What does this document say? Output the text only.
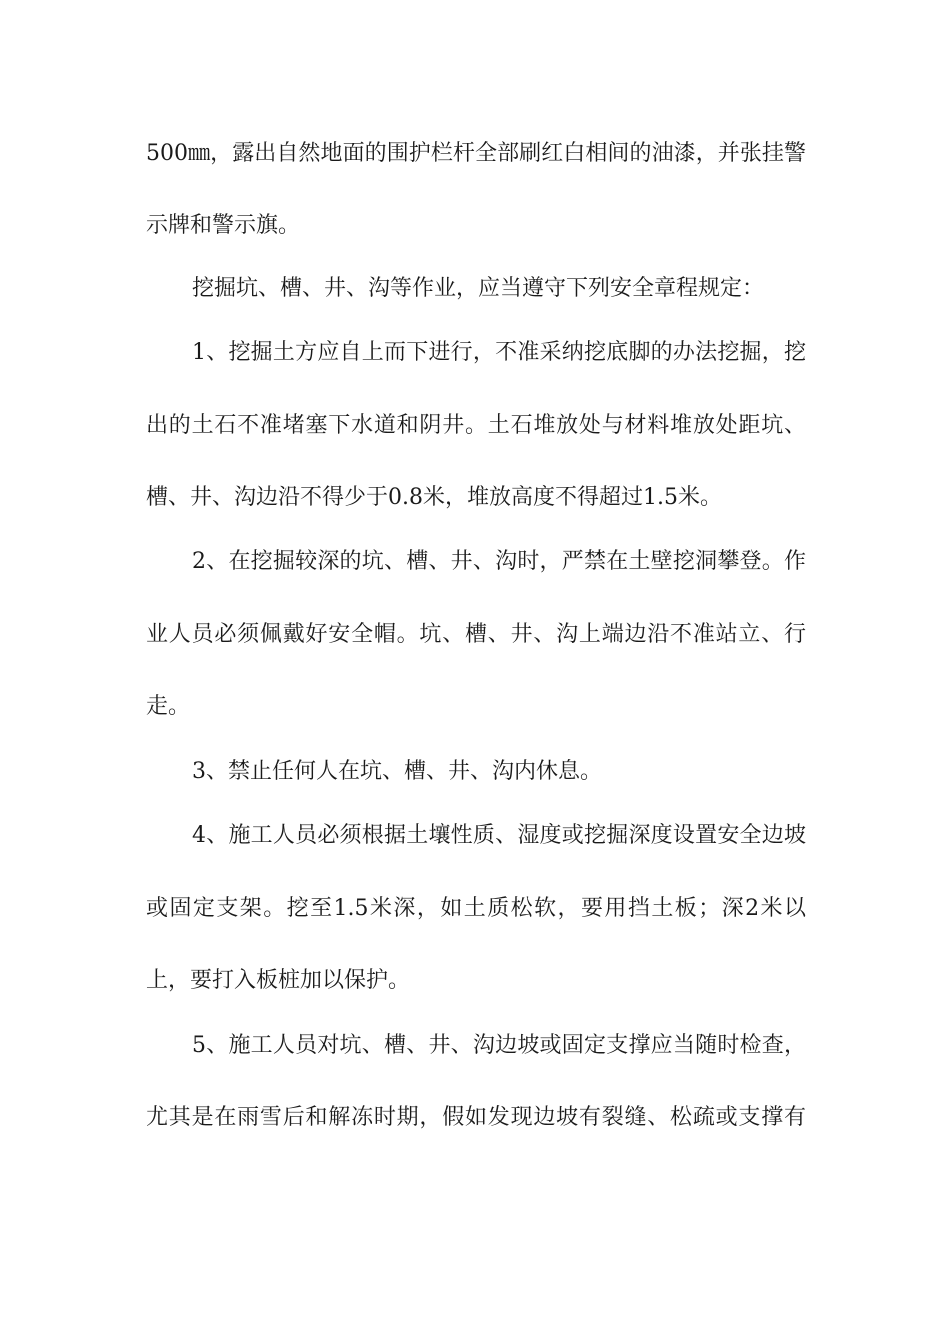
500㎜，露出自然地面的围护栏杆全部刷红白相间的油漆，并张挂警
示牌和警示旗。
挖掘坑、槽、井、沟等作业，应当遵守下列安全章程规定：
1、挖掘土方应自上而下进行，不准采纳挖底脚的办法挖掘，挖
出的土石不准堵塞下水道和阴井。土石堆放处与材料堆放处距坑、
槽、井、沟边沿不得少于0.8米，堆放高度不得超过1.5米。
2、在挖掘较深的坑、槽、井、沟时，严禁在土壁挖洞攀登。作
业人员必须佩戴好安全帽。坑、槽、井、沟上端边沿不准站立、行
走。
3、禁止任何人在坑、槽、井、沟内休息。
4、施工人员必须根据土壤性质、湿度或挖掘深度设置安全边坡
或固定支架。挖至1.5米深，如土质松软，要用挡土板；深2米以
上，要打入板桩加以保护。
5、施工人员对坑、槽、井、沟边坡或固定支撑应当随时检查，
尤其是在雨雪后和解冻时期，假如发现边坡有裂缝、松疏或支撑有
